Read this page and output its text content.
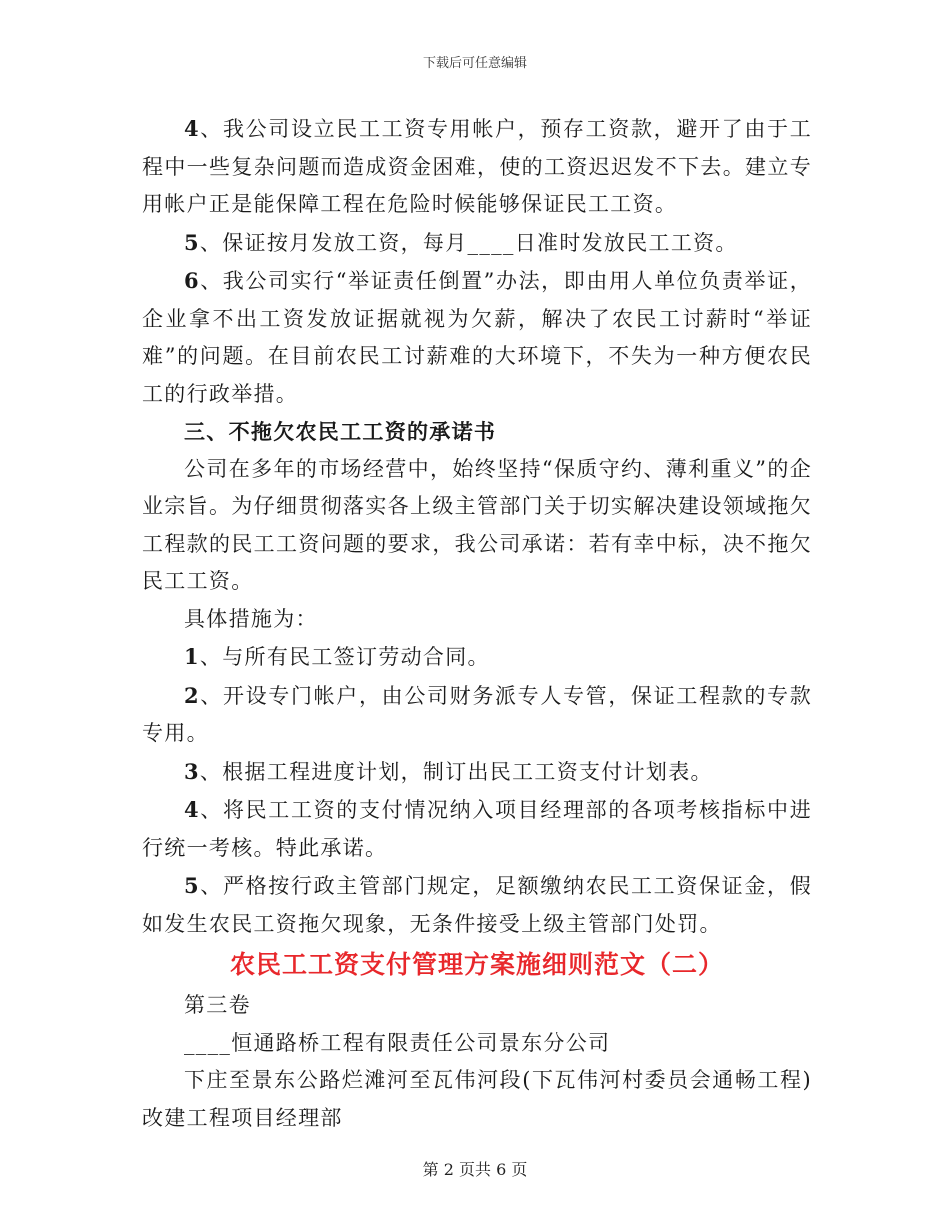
下载后可任意编辑

4、我公司设立民工工资专用帐户，预存工资款，避开了由于工程中一些复杂问题而造成资金困难，使的工资迟迟发不下去。建立专用帐户正是能保障工程在危险时候能够保证民工工资。

5、保证按月发放工资，每月____日准时发放民工工资。

6、我公司实行“举证责任倒置”办法，即由用人单位负责举证，企业拿不出工资发放证据就视为欠薪，解决了农民工讨薪时“举证难”的问题。在目前农民工讨薪难的大环境下，不失为一种方便农民工的行政举措。

三、不拖欠农民工工资的承诺书

公司在多年的市场经营中，始终坚持“保质守约、薄利重义”的企业宗旨。为仔细贯彻落实各上级主管部门关于切实解决建设领域拖欠工程款的民工工资问题的要求，我公司承诺：若有幸中标，决不拖欠民工工资。

具体措施为：

1、与所有民工签订劳动合同。

2、开设专门帐户，由公司财务派专人专管，保证工程款的专款专用。

3、根据工程进度计划，制订出民工工资支付计划表。

4、将民工工资的支付情况纳入项目经理部的各项考核指标中进行统一考核。特此承诺。

5、严格按行政主管部门规定，足额缴纳农民工工资保证金，假如发生农民工资拖欠现象，无条件接受上级主管部门处罚。

农民工工资支付管理方案施细则范文（二）

第三卷

____恒通路桥工程有限责任公司景东分公司

下庄至景东公路烂滩河至瓦伟河段(下瓦伟河村委员会通畅工程)改建工程项目经理部

第 2 页共 6 页
